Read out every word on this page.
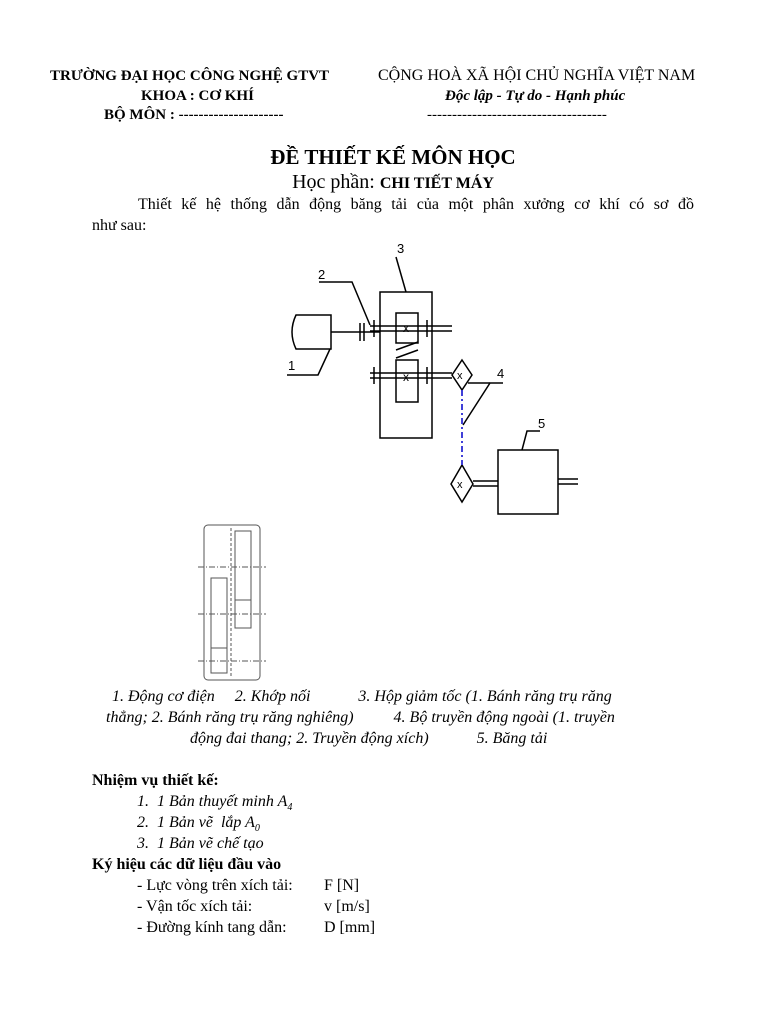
TRƯỜNG ĐẠI HỌC CÔNG NGHỆ GTVT
KHOA : CƠ KHÍ
BỘ MÔN : ---------------------
CỘNG HOÀ XÃ HỘI CHỦ NGHĨA VIỆT NAM
Độc lập - Tự do - Hạnh phúc
------------------------------------
ĐỀ THIẾT KẾ MÔN HỌC
Học phần: CHI TIẾT MÁY
Thiết kế hệ thống dẫn động băng tải của một phân xưởng cơ khí có sơ đồ
như sau:
1
2
3
4
5
x
x	x
x
1. Động cơ điện     2. Khớp nối            3. Hộp giảm tốc (1. Bánh răng trụ răng
thẳng; 2. Bánh răng trụ răng nghiêng)          4. Bộ truyền động ngoài (1. truyền
động đai thang; 2. Truyền động xích)            5. Băng tải
Nhiệm vụ thiết kế:
1. 1 Bản thuyết minh $A_4$
2. 1 Bản vẽ  lắp $A_0$
3. 1 Bản vẽ chế tạo
Ký hiệu các dữ liệu đầu vào
- Lực vòng trên xích tải: F [N]
- Vận tốc xích tải:	v [m/s]
- Đường kính tang dẫn: D [mm]
